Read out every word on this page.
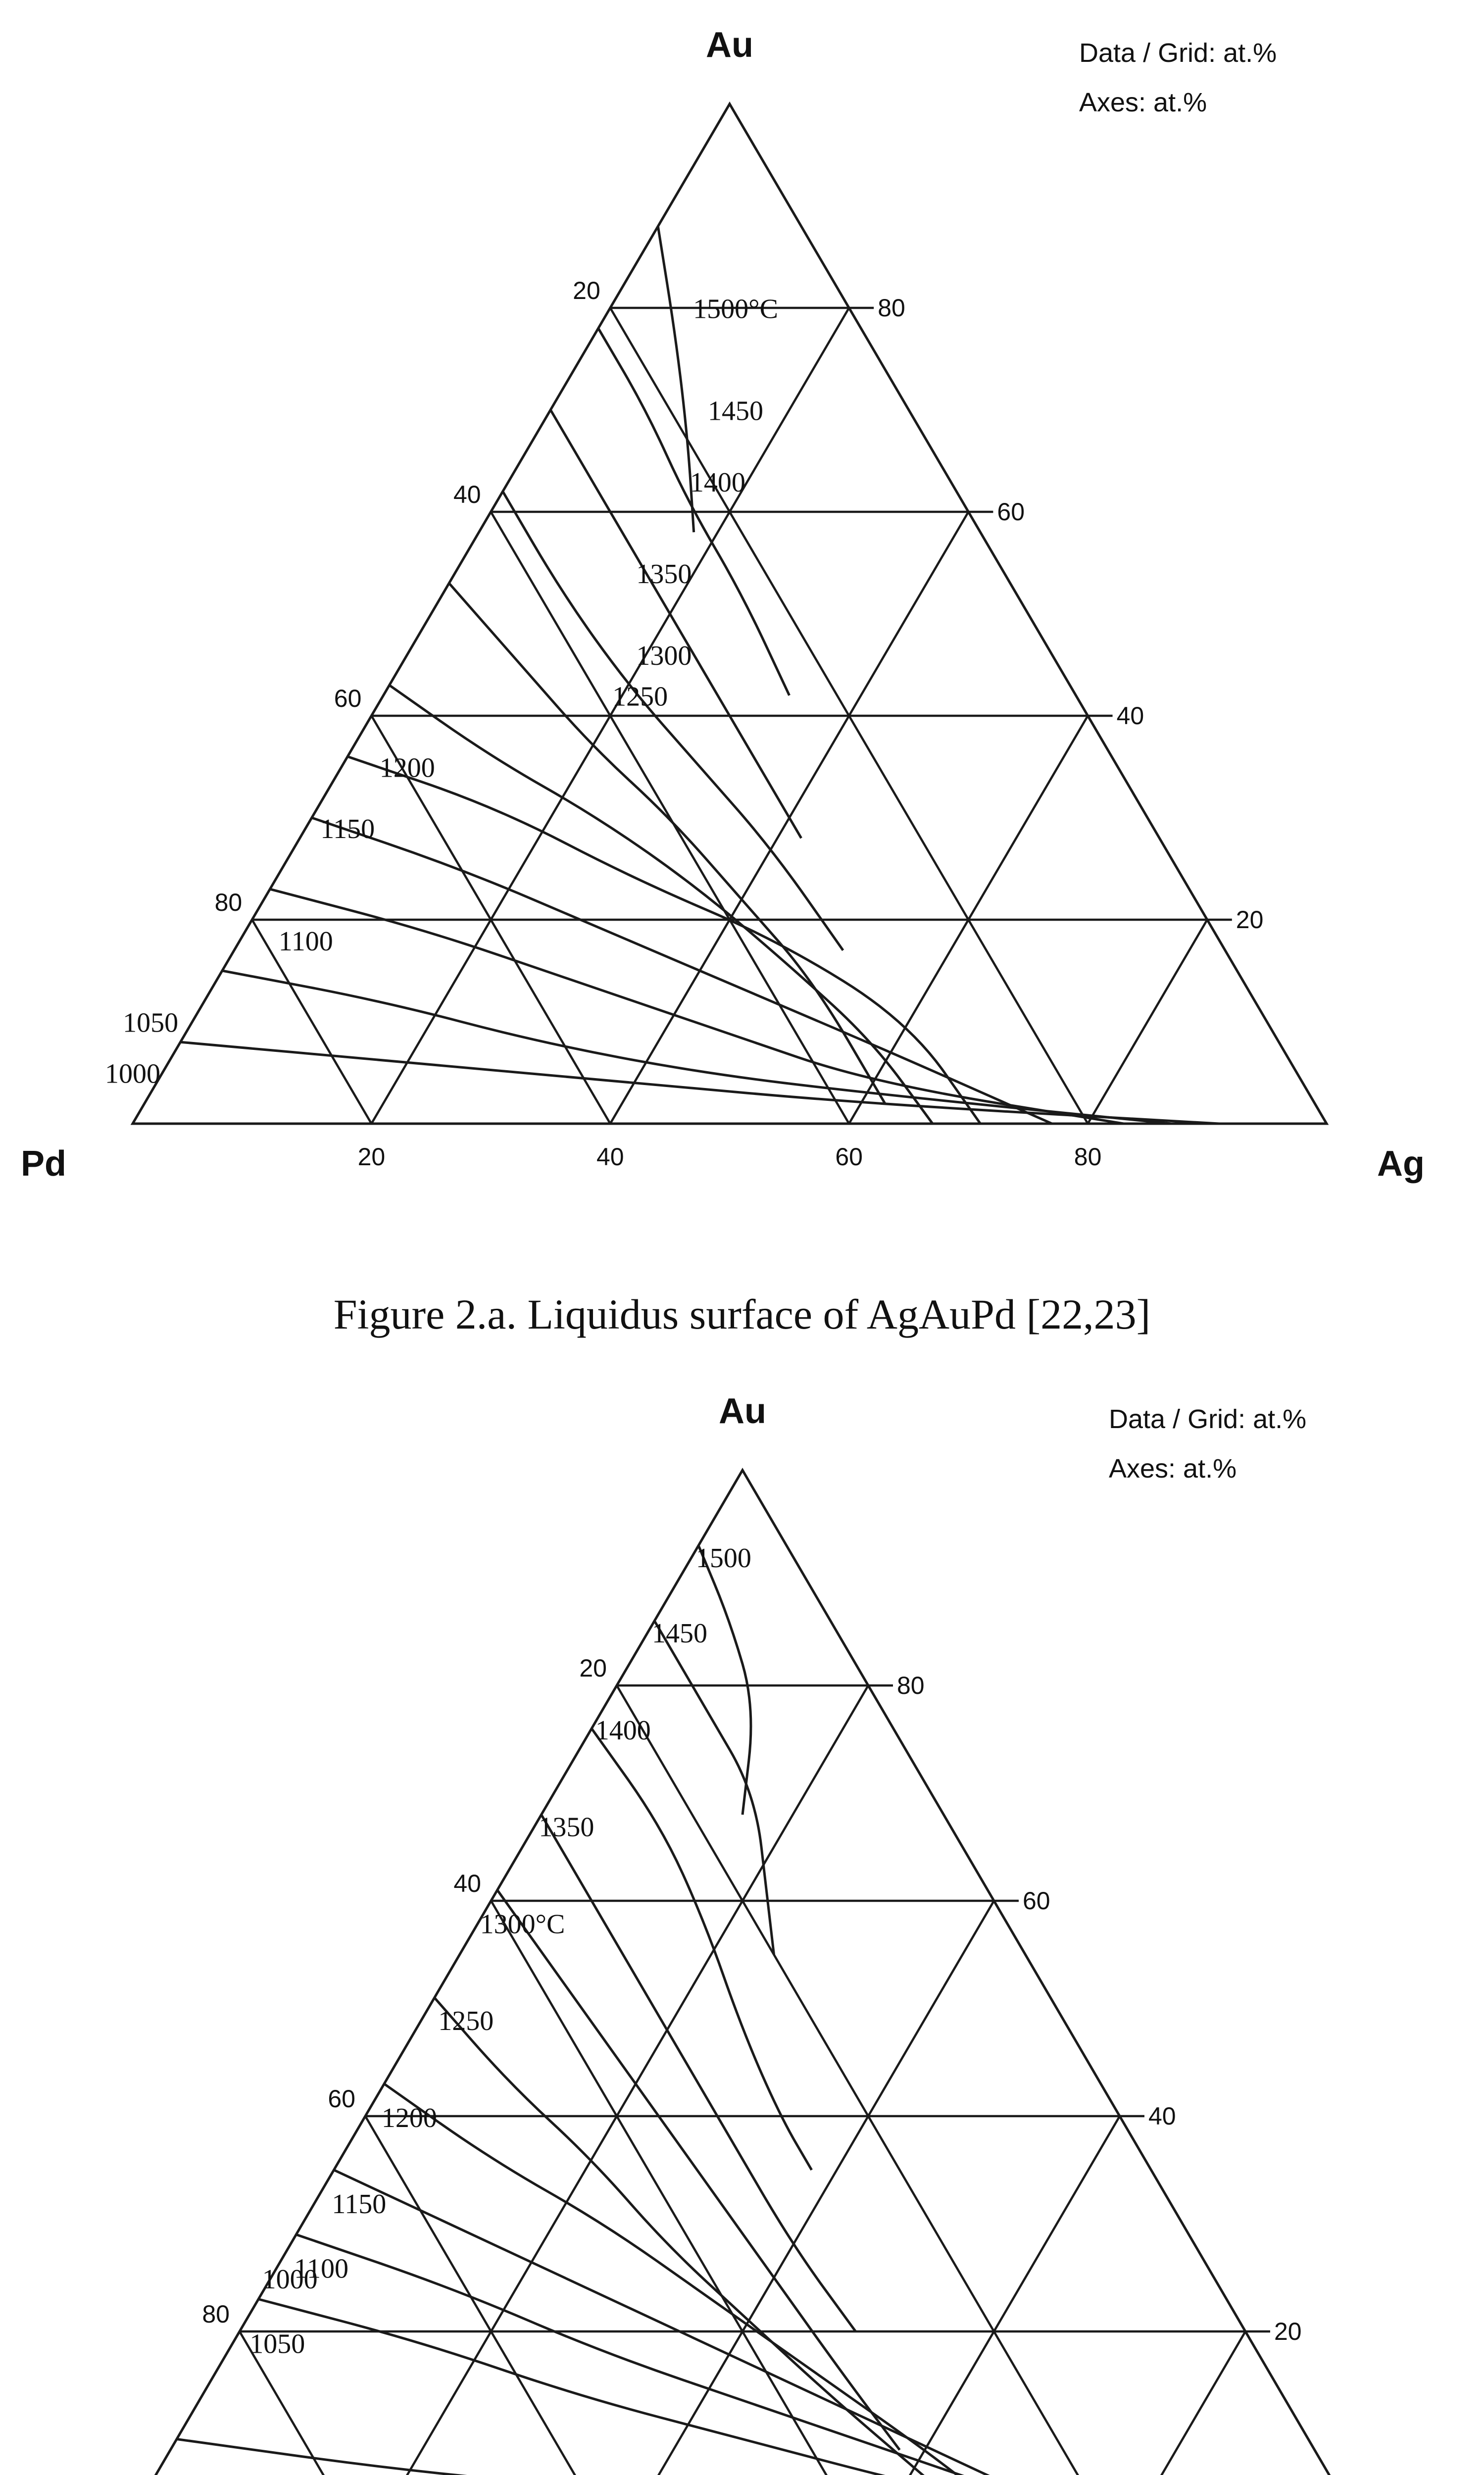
1500°C
1450
1400
1350
1300
1250
1200
1150
1100
1050
1000
20
20
20
40
40
40
60
60
60
80
80
80
Au
Pd	Ag
Data / Grid: at.%
Axes: at.%
1500
1450
1400
1350
1300°C
1250
1200
1150
1100
1050
1000
20
20
40
40
60
60
80
80
Au	Data / Grid: at.%
Axes: at.%
Figure 2.a. Liquidus surface of AgAuPd [22,23]
